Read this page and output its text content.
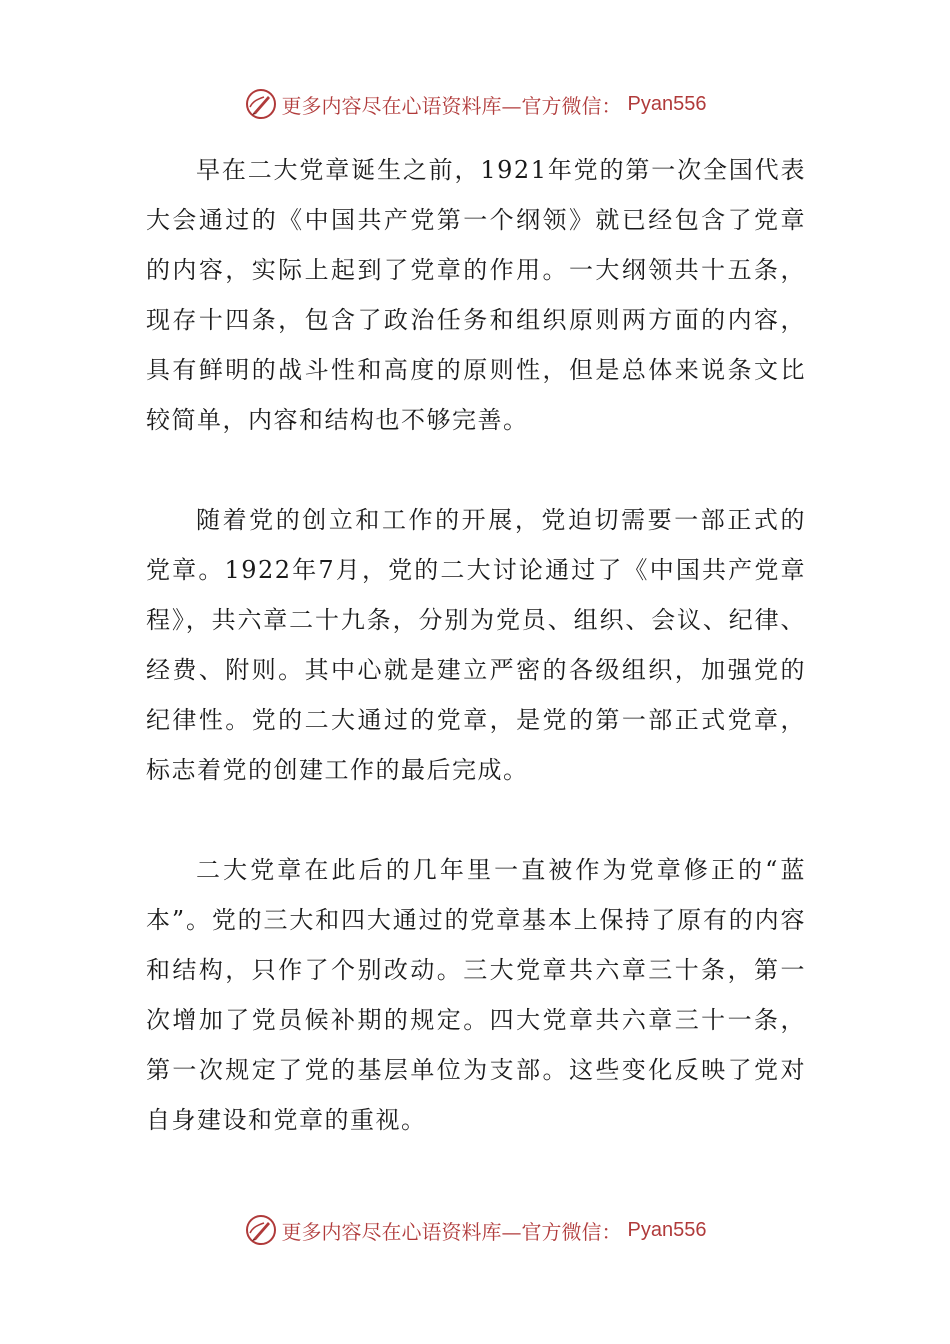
更多内容尽在心语资料库—官方微信： Pyan556

早在二大党章诞生之前，1921年党的第一次全国代表大会通过的《中国共产党第一个纲领》就已经包含了党章的内容，实际上起到了党章的作用。一大纲领共十五条，现存十四条，包含了政治任务和组织原则两方面的内容，具有鲜明的战斗性和高度的原则性，但是总体来说条文比较简单，内容和结构也不够完善。

随着党的创立和工作的开展，党迫切需要一部正式的党章。1922年7月，党的二大讨论通过了《中国共产党章程》，共六章二十九条，分别为党员、组织、会议、纪律、经费、附则。其中心就是建立严密的各级组织，加强党的纪律性。党的二大通过的党章，是党的第一部正式党章，标志着党的创建工作的最后完成。

二大党章在此后的几年里一直被作为党章修正的“蓝本”。党的三大和四大通过的党章基本上保持了原有的内容和结构，只作了个别改动。三大党章共六章三十条，第一次增加了党员候补期的规定。四大党章共六章三十一条，第一次规定了党的基层单位为支部。这些变化反映了党对自身建设和党章的重视。

更多内容尽在心语资料库—官方微信： Pyan556
